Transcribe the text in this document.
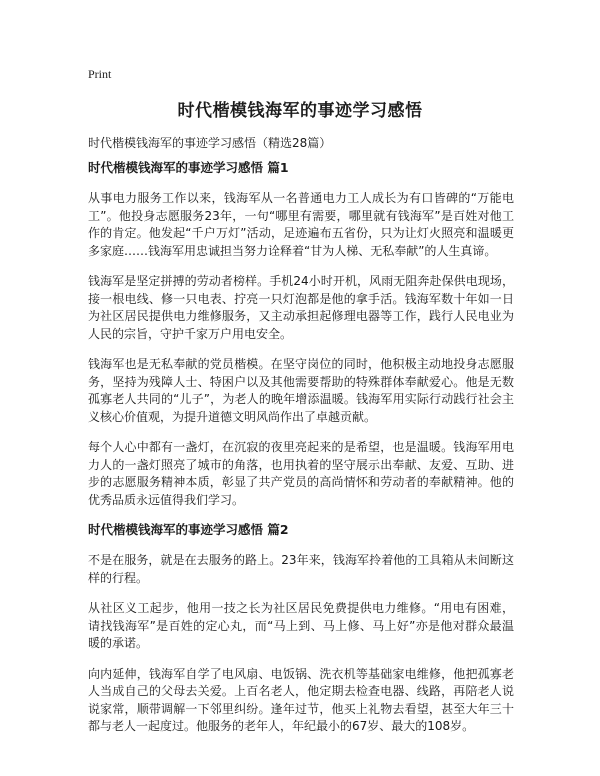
Print
时代楷模钱海军的事迹学习感悟

时代楷模钱海军的事迹学习感悟（精选28篇）

时代楷模钱海军的事迹学习感悟 篇1

从事电力服务工作以来，钱海军从一名普通电力工人成长为有口皆碑的“万能电工”。他投身志愿服务23年，一句“哪里有需要，哪里就有钱海军”是百姓对他工作的肯定。他发起“千户万灯”活动，足迹遍布五省份，只为让灯火照亮和温暖更多家庭……钱海军用忠诚担当努力诠释着“甘为人梯、无私奉献”的人生真谛。

钱海军是坚定拼搏的劳动者榜样。手机24小时开机，风雨无阻奔赴保供电现场，接一根电线、修一只电表、拧亮一只灯泡都是他的拿手活。钱海军数十年如一日为社区居民提供电力维修服务，又主动承担起修理电器等工作，践行人民电业为人民的宗旨，守护千家万户用电安全。

钱海军也是无私奉献的党员楷模。在坚守岗位的同时，他积极主动地投身志愿服务，坚持为残障人士、特困户以及其他需要帮助的特殊群体奉献爱心。他是无数孤寡老人共同的“儿子”，为老人的晚年增添温暖。钱海军用实际行动践行社会主义核心价值观，为提升道德文明风尚作出了卓越贡献。

每个人心中都有一盏灯，在沉寂的夜里亮起来的是希望，也是温暖。钱海军用电力人的一盏灯照亮了城市的角落，也用执着的坚守展示出奉献、友爱、互助、进步的志愿服务精神本质，彰显了共产党员的高尚情怀和劳动者的奉献精神。他的优秀品质永远值得我们学习。

时代楷模钱海军的事迹学习感悟 篇2

不是在服务，就是在去服务的路上。23年来，钱海军拎着他的工具箱从未间断这样的行程。

从社区义工起步，他用一技之长为社区居民免费提供电力维修。“用电有困难，请找钱海军”是百姓的定心丸，而“马上到、马上修、马上好”亦是他对群众最温暖的承诺。

向内延伸，钱海军自学了电风扇、电饭锅、洗衣机等基础家电维修，他把孤寡老人当成自己的父母去关爱。上百名老人，他定期去检查电器、线路，再陪老人说说家常，顺带调解一下邻里纠纷。逢年过节，他买上礼物去看望，甚至大年三十都与老人一起度过。他服务的老年人，年纪最小的67岁、最大的108岁。
